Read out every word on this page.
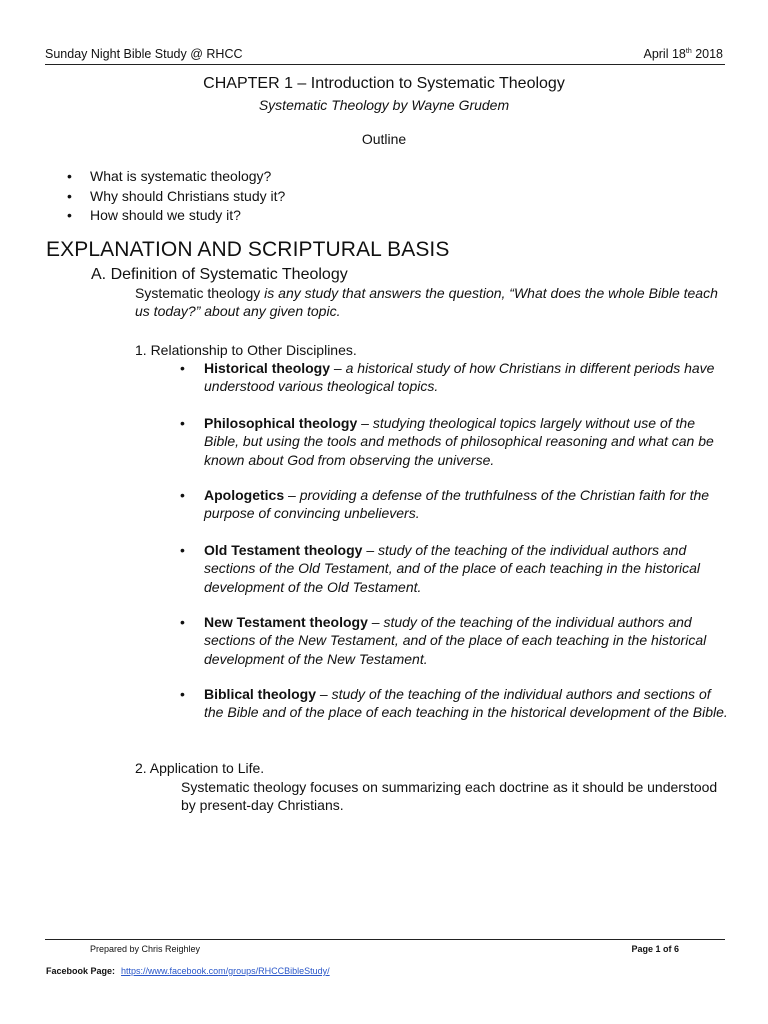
Sunday Night Bible Study @ RHCC	April 18th 2018
CHAPTER 1 – Introduction to Systematic Theology
Systematic Theology by Wayne Grudem
Outline
• What is systematic theology?
• Why should Christians study it?
• How should we study it?
EXPLANATION AND SCRIPTURAL BASIS
A. Definition of Systematic Theology
Systematic theology is any study that answers the question, “What does the whole Bible teach us today?” about any given topic.
1. Relationship to Other Disciplines.
• Historical theology – a historical study of how Christians in different periods have understood various theological topics.
• Philosophical theology – studying theological topics largely without use of the Bible, but using the tools and methods of philosophical reasoning and what can be known about God from observing the universe.
• Apologetics – providing a defense of the truthfulness of the Christian faith for the purpose of convincing unbelievers.
• Old Testament theology – study of the teaching of the individual authors and sections of the Old Testament, and of the place of each teaching in the historical development of the Old Testament.
• New Testament theology – study of the teaching of the individual authors and sections of the New Testament, and of the place of each teaching in the historical development of the New Testament.
• Biblical theology – study of the teaching of the individual authors and sections of the Bible and of the place of each teaching in the historical development of the Bible.
2. Application to Life.
Systematic theology focuses on summarizing each doctrine as it should be understood by present-day Christians.
Prepared by Chris Reighley	Page 1 of 6
Facebook Page: https://www.facebook.com/groups/RHCCBibleStudy/
